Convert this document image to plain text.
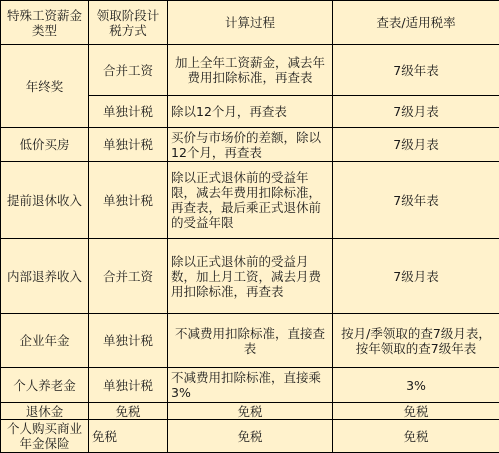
特殊工资薪金类型	领取阶段计税方式	计算过程	查表/适用税率
年终奖	合并工资	加上全年工资薪金，减去年费用扣除标准，再查表	7级年表
	单独计税	除以12个月，再查表	7级月表
低价买房	单独计税	买价与市场价的差额，除以12个月，再查表	7级月表
提前退休收入	单独计税	除以正式退休前的受益年限，减去年费用扣除标准，再查表，最后乘正式退休前的受益年限	7级年表
内部退养收入	合并工资	除以正式退休前的受益月数，加上月工资，减去月费用扣除标准，再查表	7级月表
企业年金	单独计税	不减费用扣除标准，直接查表	按月/季领取的查7级月表，按年领取的查7级年表
个人养老金	单独计税	不减费用扣除标准，直接乘3%	3%
退休金	免税	免税	免税
个人购买商业年金保险	免税	免税	免税
